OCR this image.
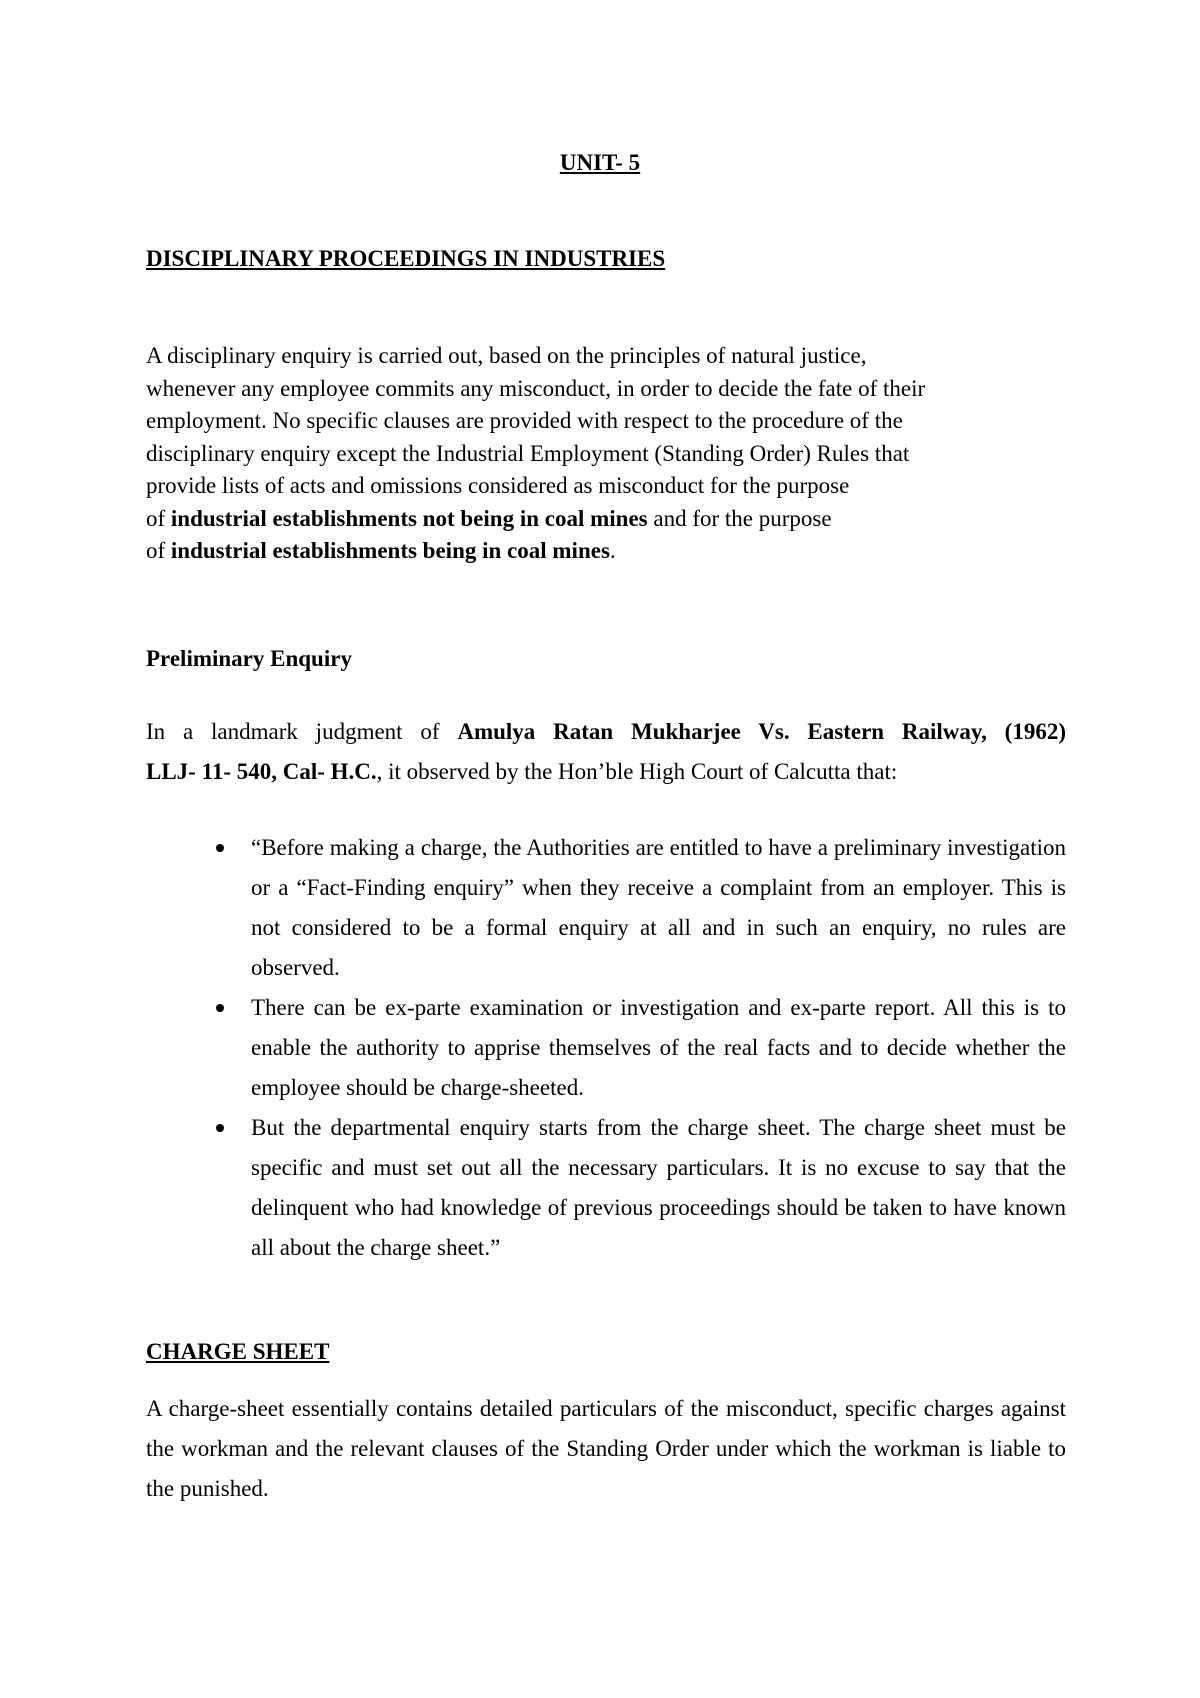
UNIT- 5
DISCIPLINARY PROCEEDINGS IN INDUSTRIES

A disciplinary enquiry is carried out, based on the principles of natural justice,
whenever any employee commits any misconduct, in order to decide the fate of their
employment. No specific clauses are provided with respect to the procedure of the
disciplinary enquiry except the Industrial Employment (Standing Order) Rules that
provide lists of acts and omissions considered as misconduct for the purpose
of industrial establishments not being in coal mines and for the purpose
of industrial establishments being in coal mines.

Preliminary Enquiry

In a landmark judgment of Amulya Ratan Mukharjee Vs. Eastern Railway, (1962)
LLJ- 11- 540, Cal- H.C., it observed by the Hon’ble High Court of Calcutta that:

“Before making a charge, the Authorities are entitled to have a preliminary investigation or a “Fact-Finding enquiry” when they receive a complaint from an employer. This is not considered to be a formal enquiry at all and in such an enquiry, no rules are observed.
There can be ex-parte examination or investigation and ex-parte report. All this is to enable the authority to apprise themselves of the real facts and to decide whether the employee should be charge-sheeted.
But the departmental enquiry starts from the charge sheet. The charge sheet must be specific and must set out all the necessary particulars. It is no excuse to say that the delinquent who had knowledge of previous proceedings should be taken to have known all about the charge sheet.”
CHARGE SHEET

A charge-sheet essentially contains detailed particulars of the misconduct, specific charges against the workman and the relevant clauses of the Standing Order under which the workman is liable to the punished.
